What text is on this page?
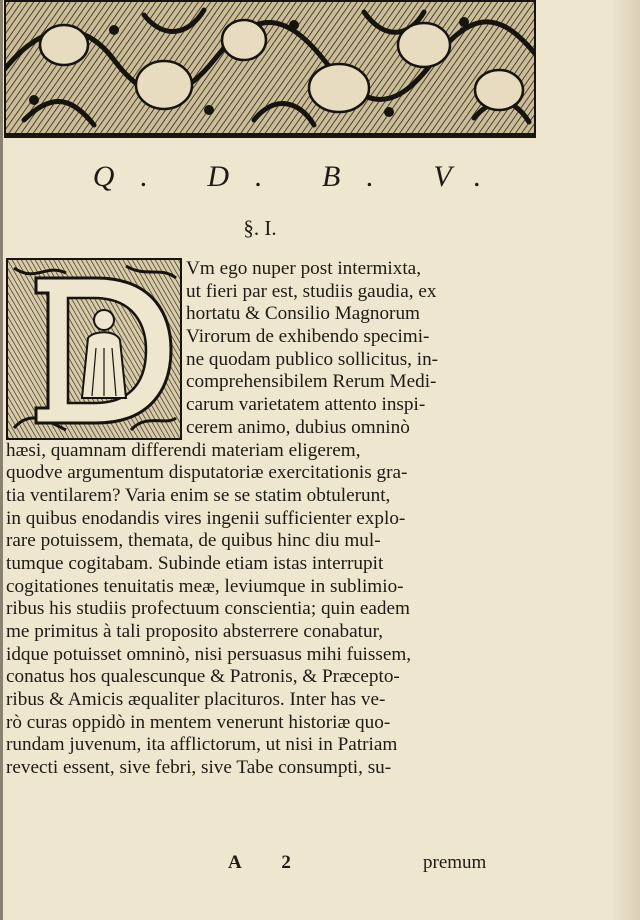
Q. D. B. V.
§. I.
Vm ego nuper post intermixta,
ut fieri par est, studiis gaudia, ex
hortatu & Consilio Magnorum
Virorum de exhibendo specimi-
ne quodam publico sollicitus, in-
comprehensibilem Rerum Medi-
carum varietatem attento inspi-
cerem animo, dubius omninò
hæsi, quamnam differendi materiam eligerem,
quodve argumentum disputatoriæ exercitationis gra-
tia ventilarem? Varia enim se se statim obtulerunt,
in quibus enodandis vires ingenii sufficienter explo-
rare potuissem, themata, de quibus hinc diu mul-
tumque cogitabam. Subinde etiam istas interrupit
cogitationes tenuitatis meæ, leviumque in sublimio-
ribus his studiis profectuum conscientia; quin eadem
me primitus à tali proposito absterrere conabatur,
idque potuisset omninò, nisi persuasus mihi fuissem,
conatus hos qualescunque & Patronis, & Præcepto-
ribus & Amicis æqualiter placituros. Inter has ve-
rò curas oppidò in mentem venerunt historiæ quo-
rundam juvenum, ita afflictorum, ut nisi in Patriam
revecti essent, sive febri, sive Tabe consumpti, su-
A 2	premum
